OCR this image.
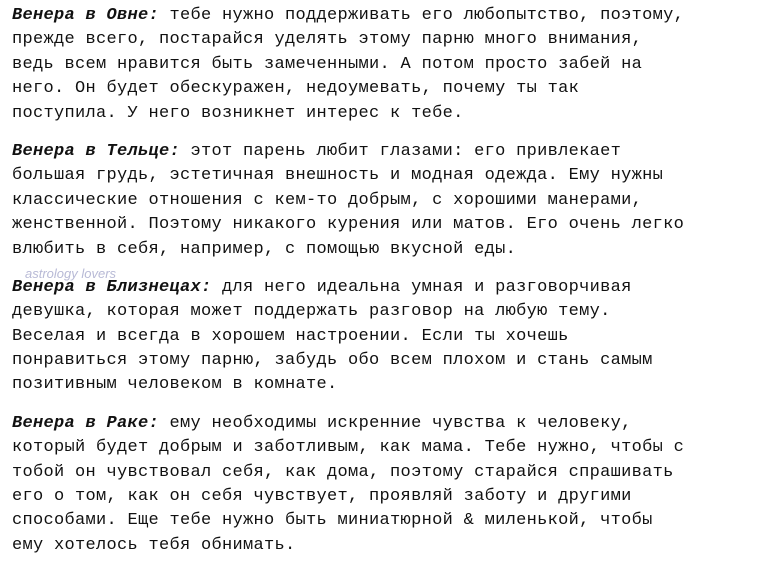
astrology lovers
Венера в Овне: тебе нужно поддерживать его любопытство, поэтому,
прежде всего, постарайся уделять этому парню много внимания,
ведь всем нравится быть замеченными. А потом просто забей на
него. Он будет обескуражен, недоумевать, почему ты так
поступила. У него возникнет интерес к тебе.
Венера в Тельце: этот парень любит глазами: его привлекает
большая грудь, эстетичная внешность и модная одежда. Ему нужны
классические отношения с кем-то добрым, с хорошими манерами,
женственной. Поэтому никакого курения или матов. Его очень легко
влюбить в себя, например, с помощью вкусной еды.
Венера в Близнецах: для него идеальна умная и разговорчивая
девушка, которая может поддержать разговор на любую тему.
Веселая и всегда в хорошем настроении. Если ты хочешь
понравиться этому парню, забудь обо всем плохом и стань самым
позитивным человеком в комнате.
Венера в Раке: ему необходимы искренние чувства к человеку,
который будет добрым и заботливым, как мама. Тебе нужно, чтобы с
тобой он чувствовал себя, как дома, поэтому старайся спрашивать
его о том, как он себя чувствует, проявляй заботу и другими
способами. Еще тебе нужно быть миниатюрной & миленькой, чтобы
ему хотелось тебя обнимать.
